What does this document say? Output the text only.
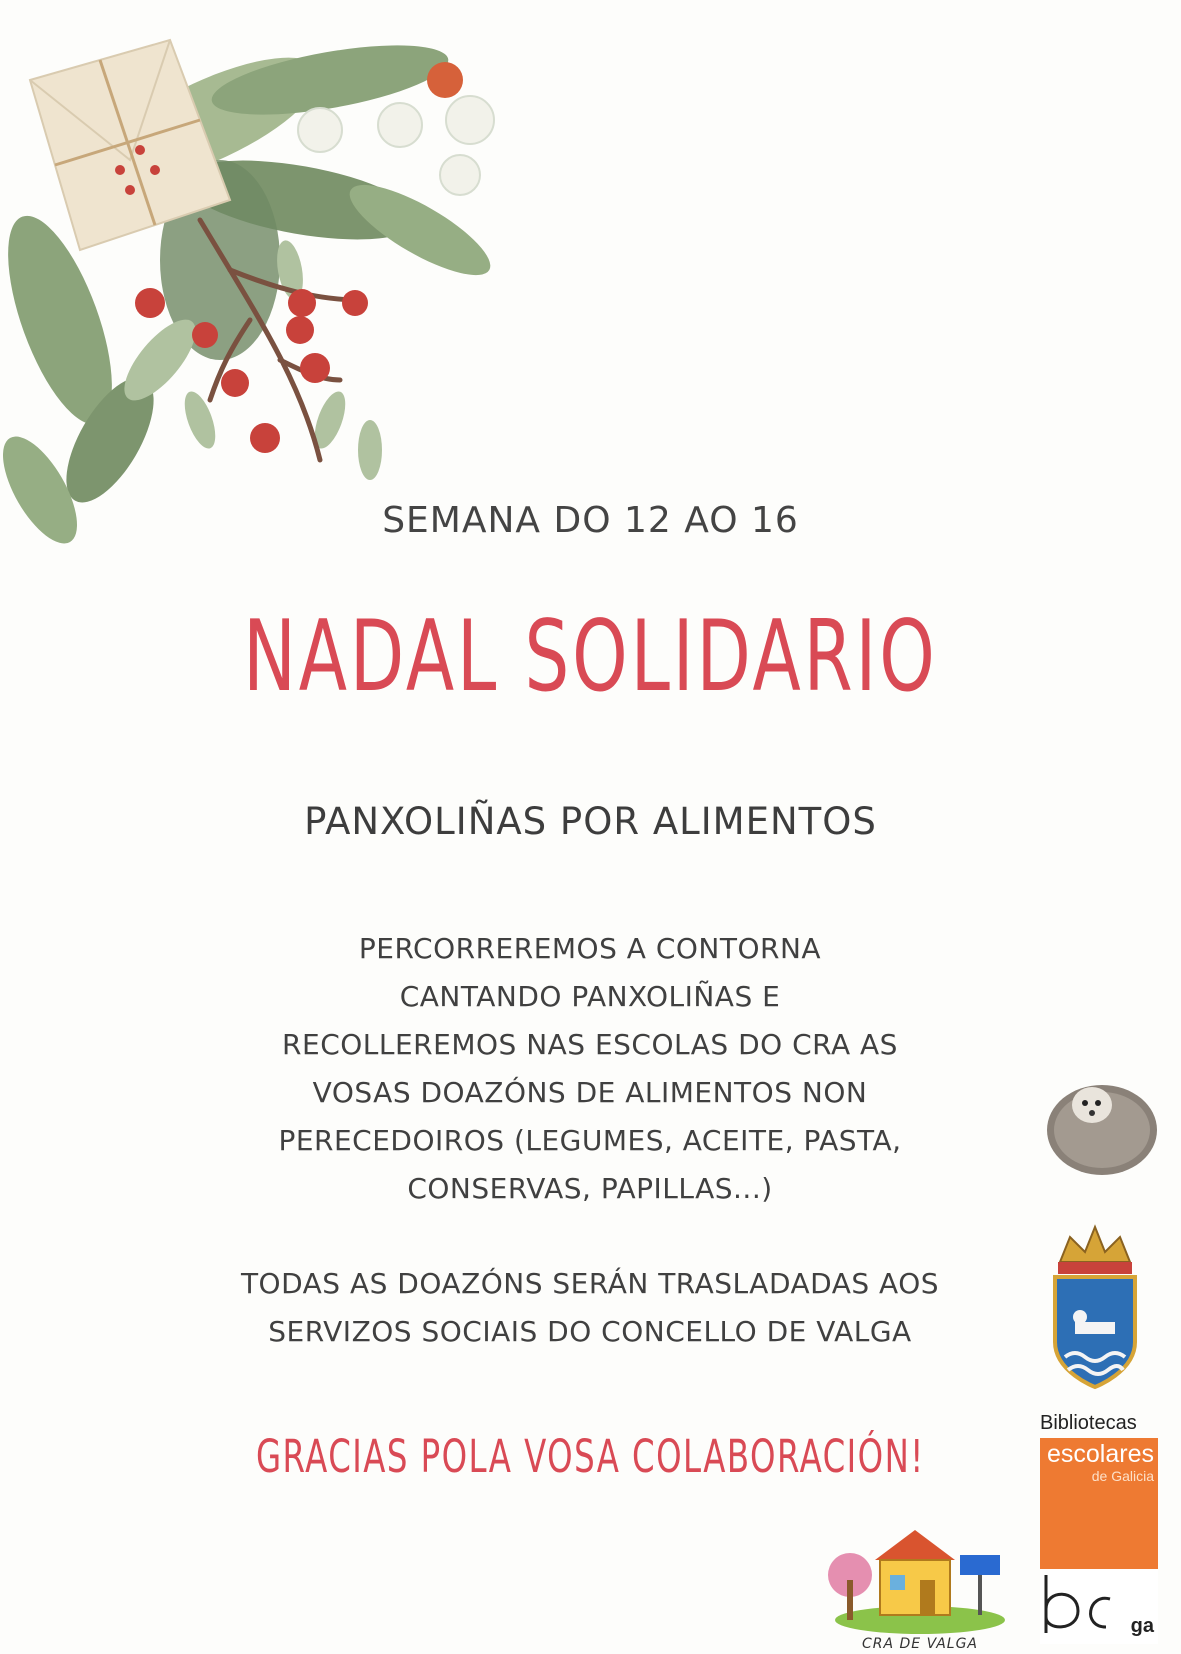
SEMANA DO 12 AO 16
NADAL SOLIDARIO
PANXOLIÑAS POR ALIMENTOS
PERCORREREMOS A CONTORNA
CANTANDO PANXOLIÑAS E
RECOLLEREMOS NAS ESCOLAS DO CRA AS
VOSAS DOAZÓNS DE ALIMENTOS NON
PERECEDOIROS (LEGUMES, ACEITE, PASTA,
CONSERVAS, PAPILLAS...)
TODAS AS DOAZÓNS SERÁN TRASLADADAS AOS
SERVIZOS SOCIAIS DO CONCELLO DE VALGA
GRACIAS POLA VOSA COLABORACIÓN!
Bibliotecas
escolares
de Galicia
ga
CRA DE VALGA
